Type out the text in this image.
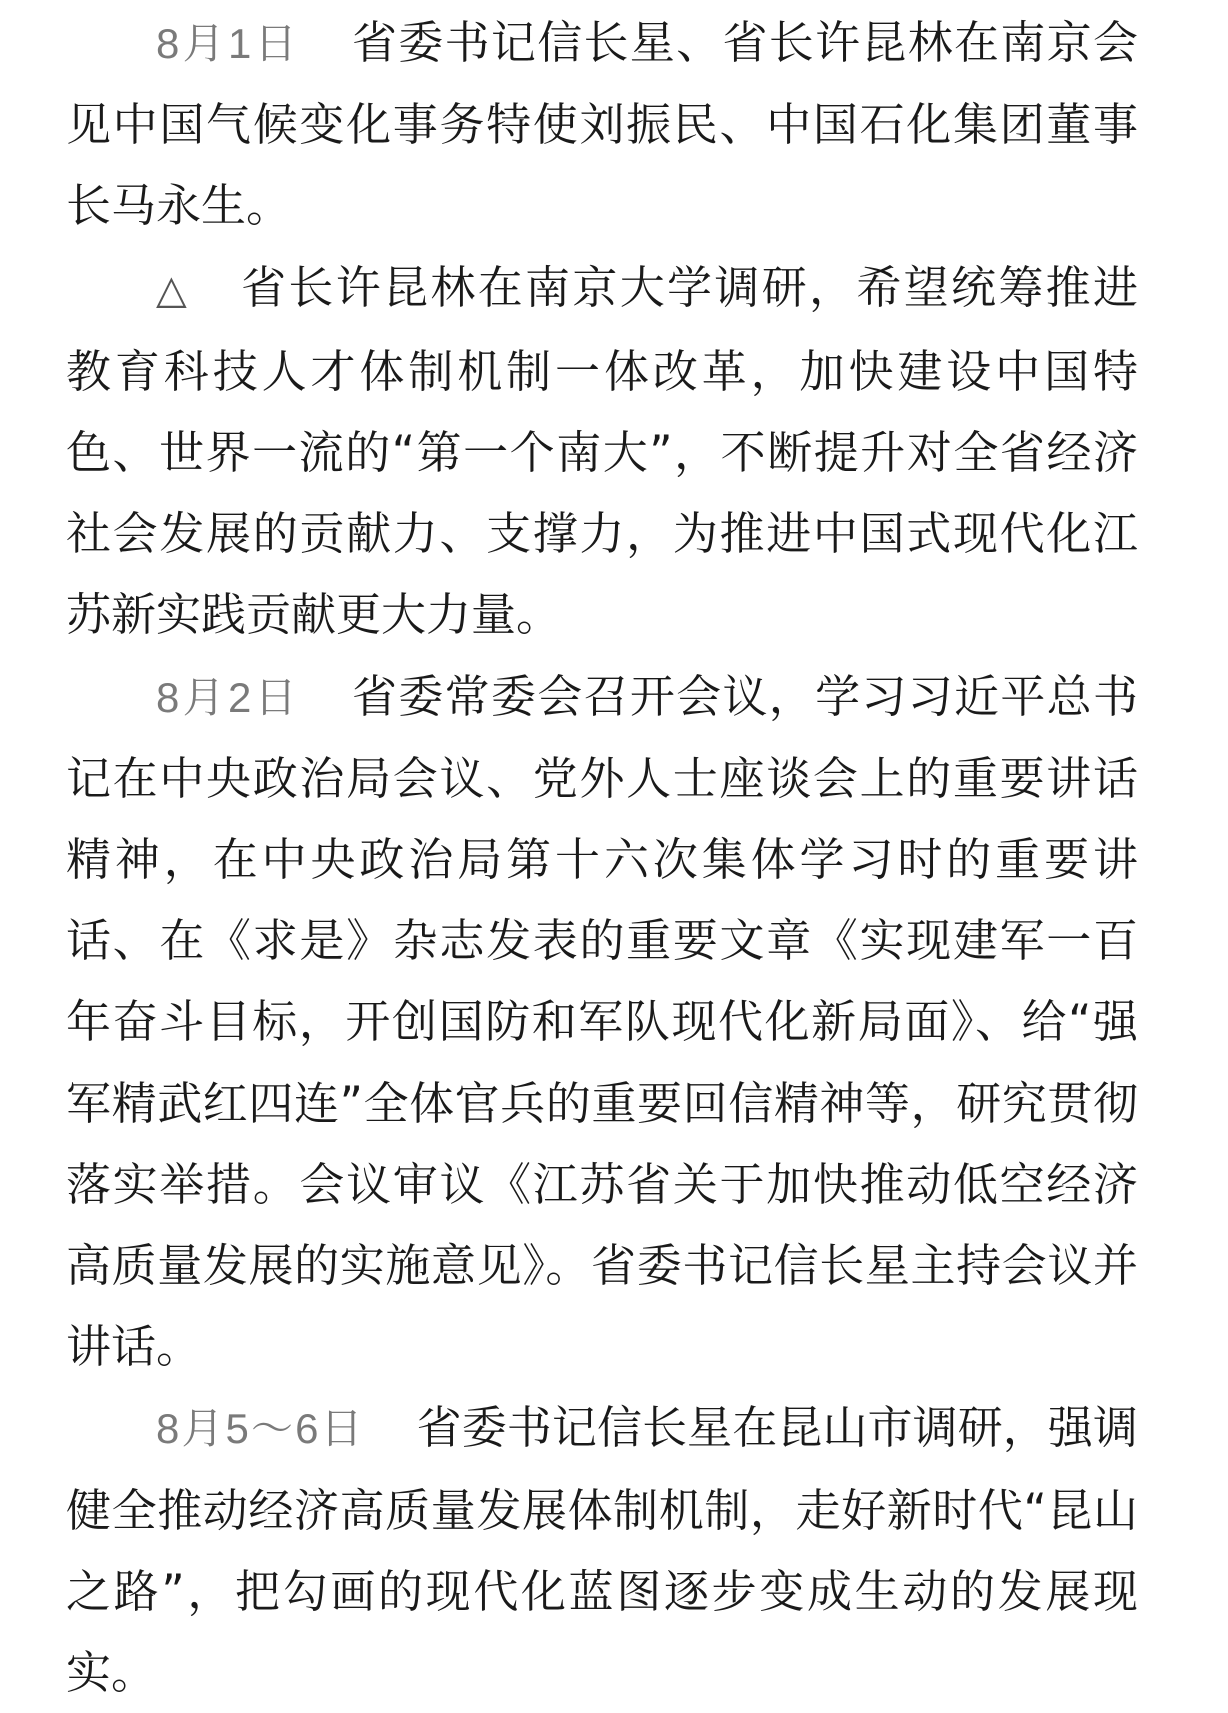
8月1日 省委书记信长星、省长许昆林在南京会见中国气候变化事务特使刘振民、中国石化集团董事长马永生。

△ 省长许昆林在南京大学调研，希望统筹推进教育科技人才体制机制一体改革，加快建设中国特色、世界一流的“第一个南大”，不断提升对全省经济社会发展的贡献力、支撑力，为推进中国式现代化江苏新实践贡献更大力量。

8月2日 省委常委会召开会议，学习习近平总书记在中央政治局会议、党外人士座谈会上的重要讲话精神，在中央政治局第十六次集体学习时的重要讲话、在《求是》杂志发表的重要文章《实现建军一百年奋斗目标，开创国防和军队现代化新局面》、给“强军精武红四连”全体官兵的重要回信精神等，研究贯彻落实举措。会议审议《江苏省关于加快推动低空经济高质量发展的实施意见》。省委书记信长星主持会议并讲话。

8月5～6日 省委书记信长星在昆山市调研，强调健全推动经济高质量发展体制机制，走好新时代“昆山之路”，把勾画的现代化蓝图逐步变成生动的发展现实。
